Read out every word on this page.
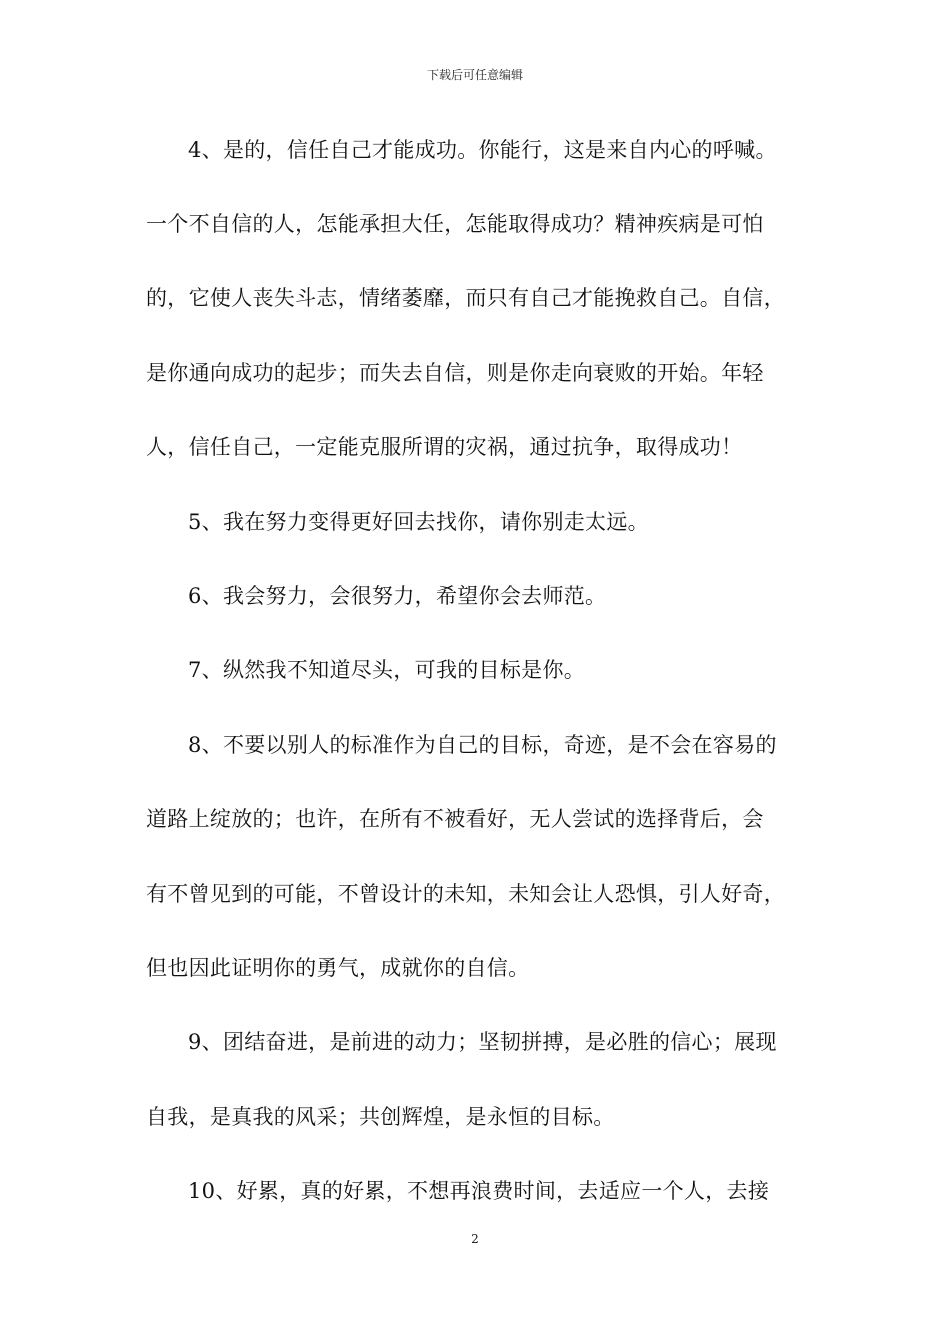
下载后可任意编辑
4、是的，信任自己才能成功。你能行，这是来自内心的呼喊。
一个不自信的人，怎能承担大任，怎能取得成功？精神疾病是可怕
的，它使人丧失斗志，情绪萎靡，而只有自己才能挽救自己。自信，
是你通向成功的起步；而失去自信，则是你走向衰败的开始。年轻
人，信任自己，一定能克服所谓的灾祸，通过抗争，取得成功！
5、我在努力变得更好回去找你，请你别走太远。
6、我会努力，会很努力，希望你会去师范。
7、纵然我不知道尽头，可我的目标是你。
8、不要以别人的标准作为自己的目标，奇迹，是不会在容易的
道路上绽放的；也许，在所有不被看好，无人尝试的选择背后，会
有不曾见到的可能，不曾设计的未知，未知会让人恐惧，引人好奇，
但也因此证明你的勇气，成就你的自信。
9、团结奋进，是前进的动力；坚韧拼搏，是必胜的信心；展现
自我，是真我的风采；共创辉煌，是永恒的目标。
10、好累，真的好累，不想再浪费时间，去适应一个人，去接
2
